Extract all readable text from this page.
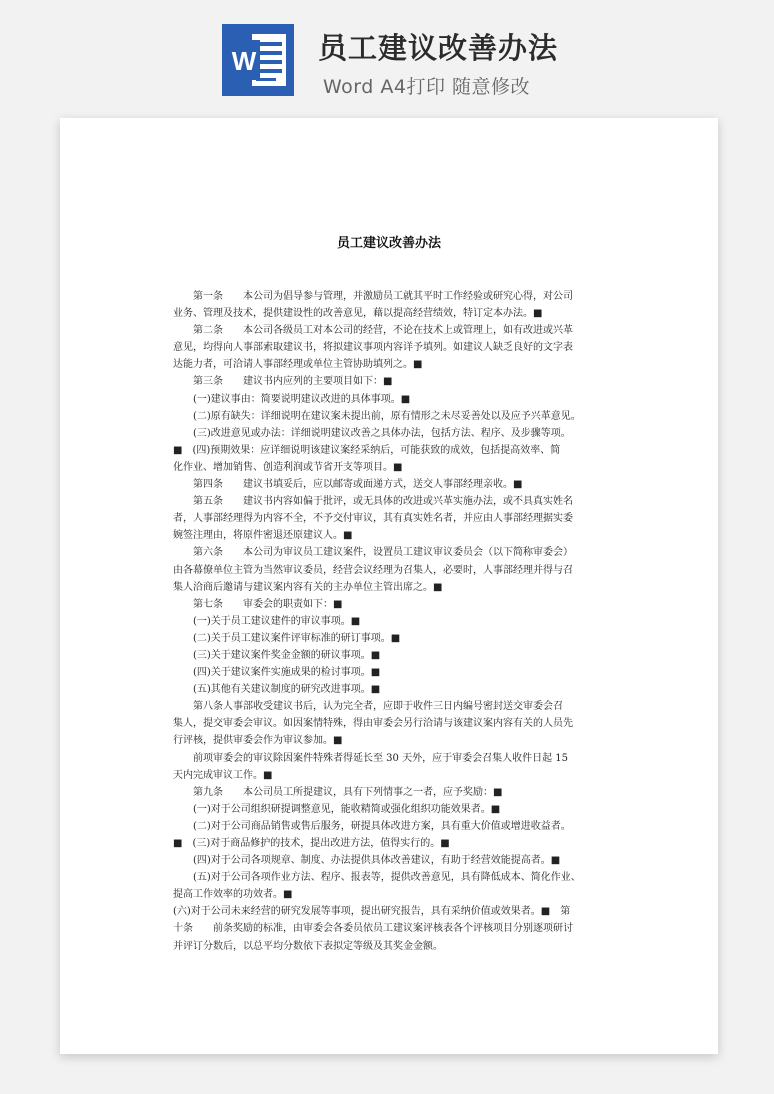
W 员工建议改善办法
Word A4打印 随意修改
员工建议改善办法
　　第一条　　本公司为倡导参与管理，并激励员工就其平时工作经验或研究心得，对公司
业务、管理及技术，提供建设性的改善意见，藉以提高经营绩效，特订定本办法。■
　　第二条　　本公司各级员工对本公司的经营，不论在技术上或管理上，如有改进或兴革
意见，均得向人事部索取建议书，将拟建议事项内容详予填列。如建议人缺乏良好的文字表
达能力者，可洽请人事部经理或单位主管协助填列之。■
　　第三条　　建议书内应列的主要项目如下：■
　　(一)建议事由：简要说明建议改进的具体事项。■
　　(二)原有缺失：详细说明在建议案未提出前，原有情形之未尽妥善处以及应予兴革意见。
　　(三)改进意见或办法：详细说明建议改善之具体办法，包括方法、程序、及步骤等项。
■　(四)预期效果：应详细说明该建议案经采纳后，可能获致的成效，包括提高效率、简
化作业、增加销售、创造利润或节省开支等项目。■
　　第四条　　建议书填妥后，应以邮寄或面递方式，送交人事部经理亲收。■
　　第五条　　建议书内容如偏于批评，或无具体的改进或兴革实施办法，或不具真实姓名
者，人事部经理得为内容不全，不予交付审议，其有真实姓名者，并应由人事部经理据实委
婉签注理由，将原件密退还原建议人。■
　　第六条　　本公司为审议员工建议案件，设置员工建议审议委员会（以下简称审委会）
由各幕僚单位主管为当然审议委员，经营会议经理为召集人，必要时，人事部经理并得与召
集人洽商后邀请与建议案内容有关的主办单位主管出席之。■
　　第七条　　审委会的职责如下：■
　　(一)关于员工建议建件的审议事项。■
　　(二)关于员工建议案件评审标准的研订事项。■
　　(三)关于建议案件奖金金额的研议事项。■
　　(四)关于建议案件实施成果的检讨事项。■
　　(五)其他有关建议制度的研究改进事项。■
　　第八条人事部收受建议书后，认为完全者，应即于收件三日内编号密封送交审委会召
集人，提交审委会审议。如因案情特殊，得由审委会另行洽请与该建议案内容有关的人员先
行评核，提供审委会作为审议参加。■
　　前项审委会的审议除因案件特殊者得延长至 30 天外，应于审委会召集人收件日起 15
天内完成审议工作。■
　　第九条　　本公司员工所提建议，具有下列情事之一者，应予奖励：■
　　(一)对于公司组织研提调整意见，能收精简或强化组织功能效果者。■
　　(二)对于公司商品销售或售后服务，研提具体改进方案，具有重大价值或增进收益者。
■　(三)对于商品修护的技术，提出改进方法，值得实行的。■
　　(四)对于公司各项规章、制度、办法提供具体改善建议，有助于经营效能提高者。■
　　(五)对于公司各项作业方法、程序、报表等，提供改善意见，具有降低成本、简化作业、
提高工作效率的功效者。■
(六)对于公司未来经营的研究发展等事项，提出研究报告，具有采纳价值或效果者。■　第
十条　　前条奖励的标准，由审委会各委员依员工建议案评核表各个评核项目分别逐项研讨
并评订分数后，以总平均分数依下表拟定等级及其奖金金额。
